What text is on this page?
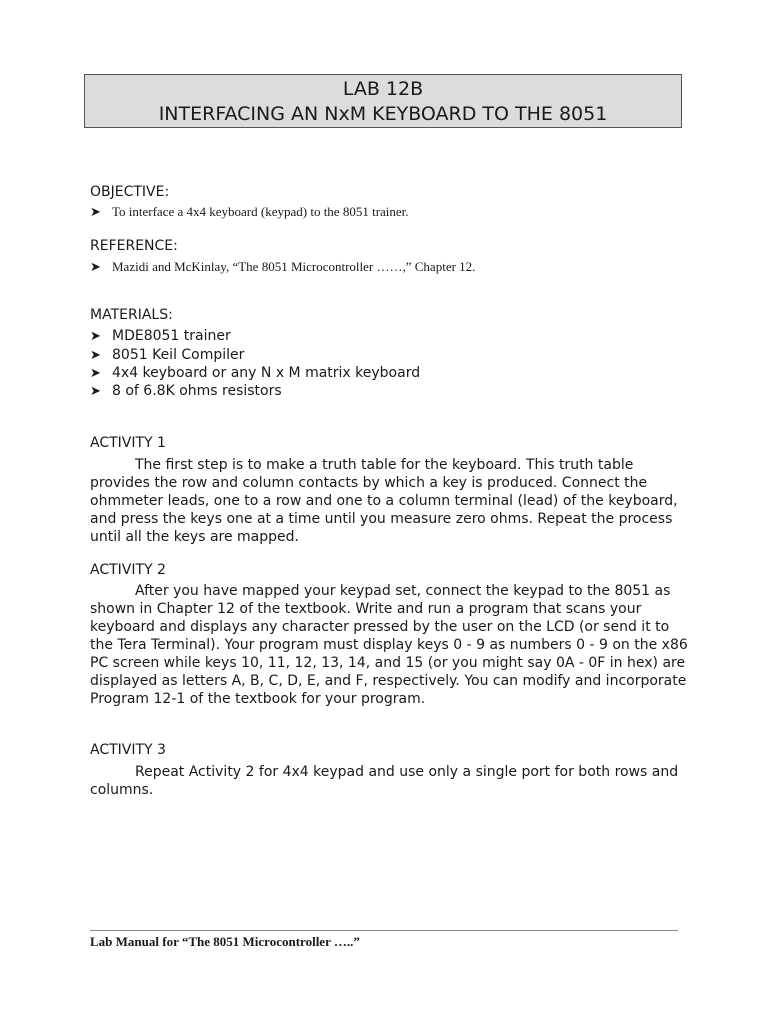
LAB 12B
INTERFACING AN NxM KEYBOARD TO THE 8051
OBJECTIVE:
➤ To interface a 4x4 keyboard (keypad) to the 8051 trainer.
REFERENCE:
➤ Mazidi and McKinlay, “The 8051 Microcontroller ……,” Chapter 12.
MATERIALS:
➤ MDE8051 trainer
➤ 8051 Keil Compiler
➤ 4x4 keyboard or any N x M matrix keyboard
➤ 8 of 6.8K ohms resistors
ACTIVITY 1
The first step is to make a truth table for the keyboard. This truth table provides the row and column contacts by which a key is produced. Connect the ohmmeter leads, one to a row and one to a column terminal (lead) of the keyboard, and press the keys one at a time until you measure zero ohms. Repeat the process until all the keys are mapped.
ACTIVITY 2
After you have mapped your keypad set, connect the keypad to the 8051 as shown in Chapter 12 of the textbook. Write and run a program that scans your keyboard and displays any character pressed by the user on the LCD (or send it to the Tera Terminal). Your program must display keys 0 - 9 as numbers 0 - 9 on the x86 PC screen while keys 10, 11, 12, 13, 14, and 15 (or you might say 0A - 0F in hex) are displayed as letters A, B, C, D, E, and F, respectively. You can modify and incorporate Program 12-1 of the textbook for your program.
ACTIVITY 3
Repeat Activity 2 for 4x4 keypad and use only a single port for both rows and columns.
Lab Manual for “The 8051 Microcontroller …..”
